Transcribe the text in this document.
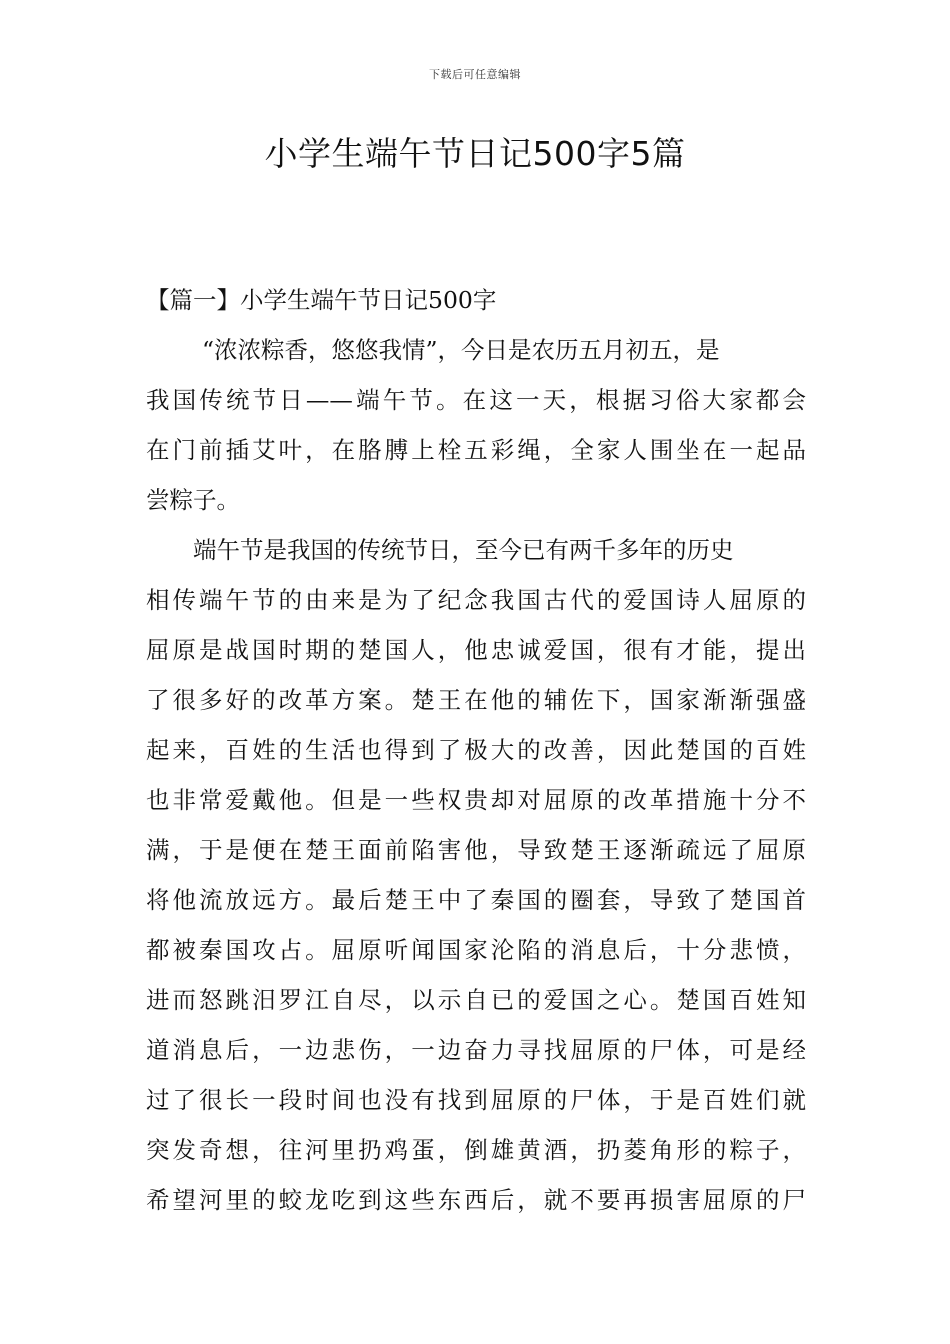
下载后可任意编辑
小学生端午节日记500字5篇
【篇一】小学生端午节日记500字
“浓浓粽香，悠悠我情”，今日是农历五月初五，是
我国传统节日——端午节。在这一天，根据习俗大家都会
在门前插艾叶，在胳膊上栓五彩绳，全家人围坐在一起品
尝粽子。
端午节是我国的传统节日，至今已有两千多年的历史
相传端午节的由来是为了纪念我国古代的爱国诗人屈原的
屈原是战国时期的楚国人，他忠诚爱国，很有才能，提出
了很多好的改革方案。楚王在他的辅佐下，国家渐渐强盛
起来，百姓的生活也得到了极大的改善，因此楚国的百姓
也非常爱戴他。但是一些权贵却对屈原的改革措施十分不
满，于是便在楚王面前陷害他，导致楚王逐渐疏远了屈原
将他流放远方。最后楚王中了秦国的圈套，导致了楚国首
都被秦国攻占。屈原听闻国家沦陷的消息后，十分悲愤，
进而怒跳汨罗江自尽，以示自已的爱国之心。楚国百姓知
道消息后，一边悲伤，一边奋力寻找屈原的尸体，可是经
过了很长一段时间也没有找到屈原的尸体，于是百姓们就
突发奇想，往河里扔鸡蛋，倒雄黄酒，扔菱角形的粽子，
希望河里的蛟龙吃到这些东西后，就不要再损害屈原的尸
